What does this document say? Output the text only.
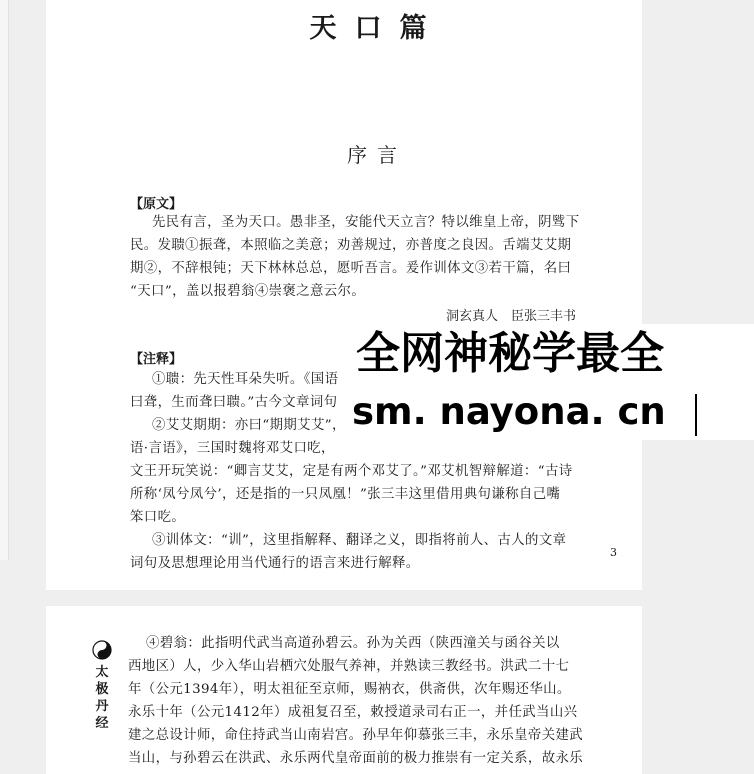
天口篇
序言
【原文】
先民有言，圣为天口。愚非圣，安能代天立言？特以维皇上帝，阴骘下
民。发聩①振聋，本照临之美意；劝善规过，亦普度之良因。舌端艾艾期
期②，不辞根钝；天下林林总总，愿听吾言。爰作训体文③若干篇，名曰
“天口”，盖以报碧翁④崇褒之意云尔。
洞玄真人　臣张三丰书
【注释】
①聩：先天性耳朵失听。《国语
曰聋，生而聋曰聩。”古今文章词句
②艾艾期期：亦曰“期期艾艾”，
语·言语》，三国时魏将邓艾口吃，
文王开玩笑说：“卿言艾艾，定是有两个邓艾了。”邓艾机智辩解道：“古诗
所称‘凤兮凤兮’，还是指的一只凤凰！”张三丰这里借用典句谦称自己嘴
笨口吃。
③训体文：“训”，这里指解释、翻译之义，即指将前人、古人的文章
词句及思想理论用当代通行的语言来进行解释。
3
全网神秘学最全
sm. nayona. cn
太
极
丹
经
④碧翁：此指明代武当高道孙碧云。孙为关西（陕西潼关与函谷关以
西地区）人，少入华山岩栖穴处服气养神，并熟读三教经书。洪武二十七
年（公元1394年），明太祖征至京师，赐衲衣，供斋供，次年赐还华山。
永乐十年（公元1412年）成祖复召至，敕授道录司右正一，并任武当山兴
建之总设计师，命住持武当山南岩宫。孙早年仰慕张三丰，永乐皇帝关建武
当山，与孙碧云在洪武、永乐两代皇帝面前的极力推崇有一定关系，故永乐
